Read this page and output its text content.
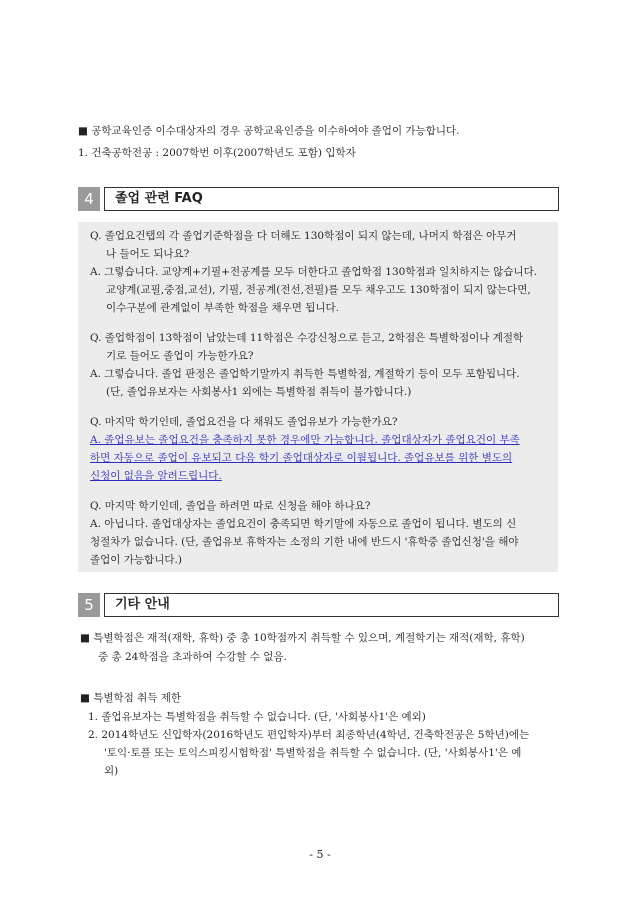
■ 공학교육인증 이수대상자의 경우 공학교육인증을 이수하여야 졸업이 가능합니다.
1. 건축공학전공 : 2007학번 이후(2007학년도 포함) 입학자
4	졸업 관련 FAQ
Q. 졸업요건탭의 각 졸업기준학점을 다 더해도 130학점이 되지 않는데, 나머지 학점은 아무거
나 들어도 되나요?
A. 그렇습니다. 교양계+기필+전공계를 모두 더한다고 졸업학점 130학점과 일치하지는 않습니다.
교양계(교필,중점,교선), 기필, 전공계(전선,전필)를 모두 채우고도 130학점이 되지 않는다면,
이수구분에 관계없이 부족한 학점을 채우면 됩니다.
Q. 졸업학점이 13학점이 남았는데 11학점은 수강신청으로 듣고, 2학점은 특별학점이나 계절학
기로 들어도 졸업이 가능한가요?
A. 그렇습니다. 졸업 판정은 졸업학기말까지 취득한 특별학점, 계절학기 등이 모두 포함됩니다.
(단, 졸업유보자는 사회봉사1 외에는 특별학점 취득이 불가합니다.)
Q. 마지막 학기인데, 졸업요건을 다 채워도 졸업유보가 가능한가요?
A. 졸업유보는 졸업요건을 충족하지 못한 경우에만 가능합니다. 졸업대상자가 졸업요건이 부족
하면 자동으로 졸업이 유보되고 다음 학기 졸업대상자로 이월됩니다. 졸업유보를 위한 별도의
신청이 없음을 알려드립니다.
Q. 마지막 학기인데, 졸업을 하려면 따로 신청을 해야 하나요?
A. 아닙니다. 졸업대상자는 졸업요건이 충족되면 학기말에 자동으로 졸업이 됩니다. 별도의 신
청절차가 없습니다. (단, 졸업유보 휴학자는 소정의 기한 내에 반드시 '휴학중 졸업신청'을 해야
졸업이 가능합니다.)
5	기타 안내
■ 특별학점은 재적(재학, 휴학) 중 총 10학점까지 취득할 수 있으며, 계절학기는 재적(재학, 휴학)
중 총 24학점을 초과하여 수강할 수 없음.
■ 특별학점 취득 제한
1. 졸업유보자는 특별학점을 취득할 수 없습니다. (단, '사회봉사1'은 예외)
2. 2014학년도 신입학자(2016학년도 편입학자)부터 최종학년(4학년, 건축학전공은 5학년)에는
'토익·토플 또는 토익스피킹시험학점' 특별학점을 취득할 수 없습니다. (단, '사회봉사1'은 예
외)
- 5 -
